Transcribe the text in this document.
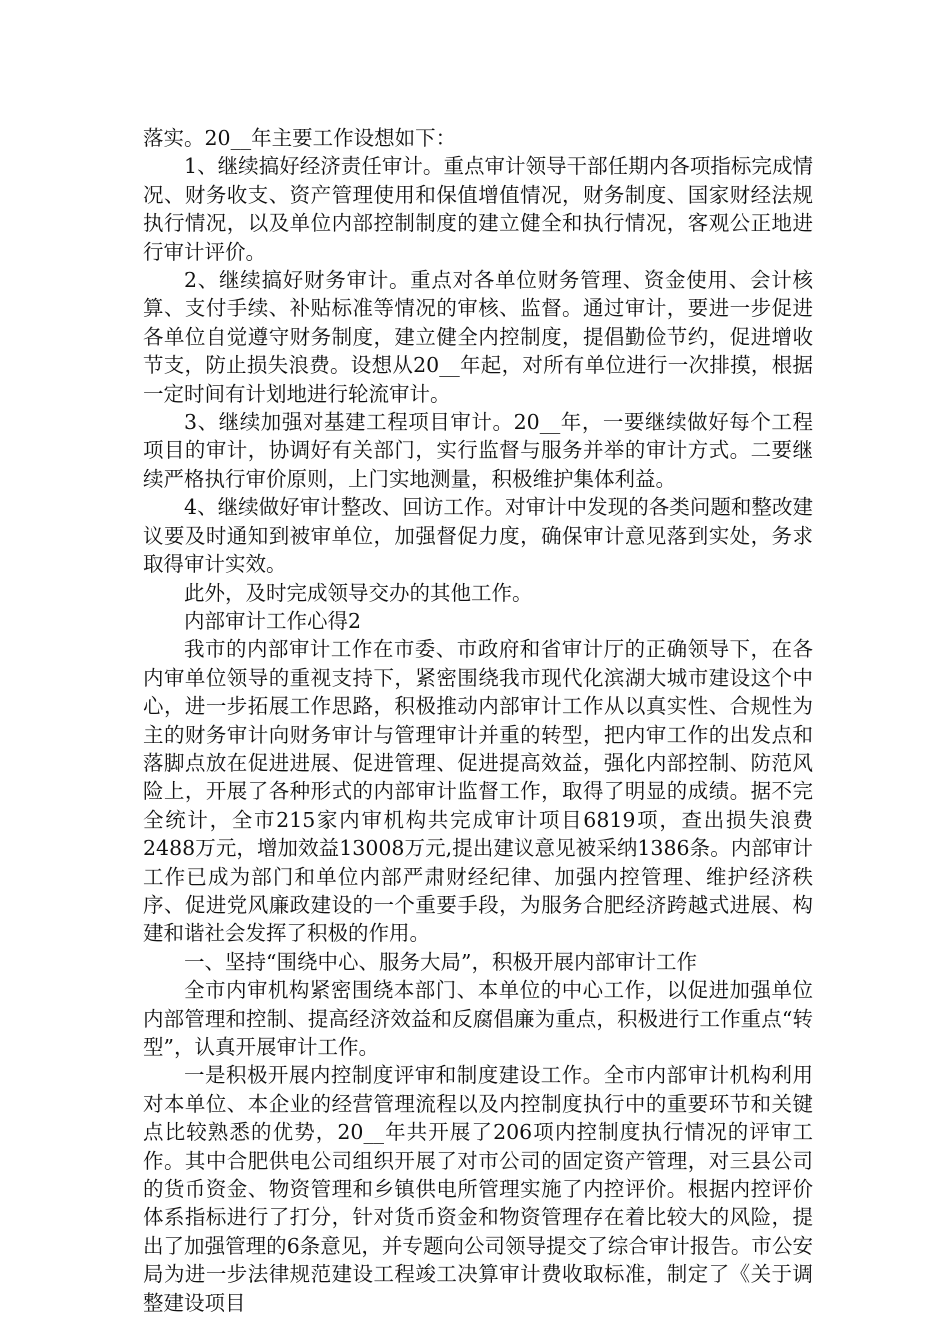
落实。20__年主要工作设想如下：

1、继续搞好经济责任审计。重点审计领导干部任期内各项指标完成情况、财务收支、资产管理使用和保值增值情况，财务制度、国家财经法规执行情况，以及单位内部控制制度的建立健全和执行情况，客观公正地进行审计评价。

2、继续搞好财务审计。重点对各单位财务管理、资金使用、会计核算、支付手续、补贴标准等情况的审核、监督。通过审计，要进一步促进各单位自觉遵守财务制度，建立健全内控制度，提倡勤俭节约，促进增收节支，防止损失浪费。设想从20__年起，对所有单位进行一次排摸，根据一定时间有计划地进行轮流审计。

3、继续加强对基建工程项目审计。20__年，一要继续做好每个工程项目的审计，协调好有关部门，实行监督与服务并举的审计方式。二要继续严格执行审价原则，上门实地测量，积极维护集体利益。

4、继续做好审计整改、回访工作。对审计中发现的各类问题和整改建议要及时通知到被审单位，加强督促力度，确保审计意见落到实处，务求取得审计实效。

此外，及时完成领导交办的其他工作。

内部审计工作心得2

我市的内部审计工作在市委、市政府和省审计厅的正确领导下，在各内审单位领导的重视支持下，紧密围绕我市现代化滨湖大城市建设这个中心，进一步拓展工作思路，积极推动内部审计工作从以真实性、合规性为主的财务审计向财务审计与管理审计并重的转型，把内审工作的出发点和落脚点放在促进进展、促进管理、促进提高效益，强化内部控制、防范风险上，开展了各种形式的内部审计监督工作，取得了明显的成绩。据不完全统计，全市215家内审机构共完成审计项目6819项，查出损失浪费2488万元，增加效益13008万元,提出建议意见被采纳1386条。内部审计工作已成为部门和单位内部严肃财经纪律、加强内控管理、维护经济秩序、促进党风廉政建设的一个重要手段，为服务合肥经济跨越式进展、构建和谐社会发挥了积极的作用。

一、坚持“围绕中心、服务大局”，积极开展内部审计工作

全市内审机构紧密围绕本部门、本单位的中心工作，以促进加强单位内部管理和控制、提高经济效益和反腐倡廉为重点，积极进行工作重点“转型”，认真开展审计工作。

一是积极开展内控制度评审和制度建设工作。全市内部审计机构利用对本单位、本企业的经营管理流程以及内控制度执行中的重要环节和关键点比较熟悉的优势，20__年共开展了206项内控制度执行情况的评审工作。其中合肥供电公司组织开展了对市公司的固定资产管理，对三县公司的货币资金、物资管理和乡镇供电所管理实施了内控评价。根据内控评价体系指标进行了打分，针对货币资金和物资管理存在着比较大的风险，提出了加强管理的6条意见，并专题向公司领导提交了综合审计报告。市公安局为进一步法律规范建设工程竣工决算审计费收取标准，制定了《关于调整建设项目
